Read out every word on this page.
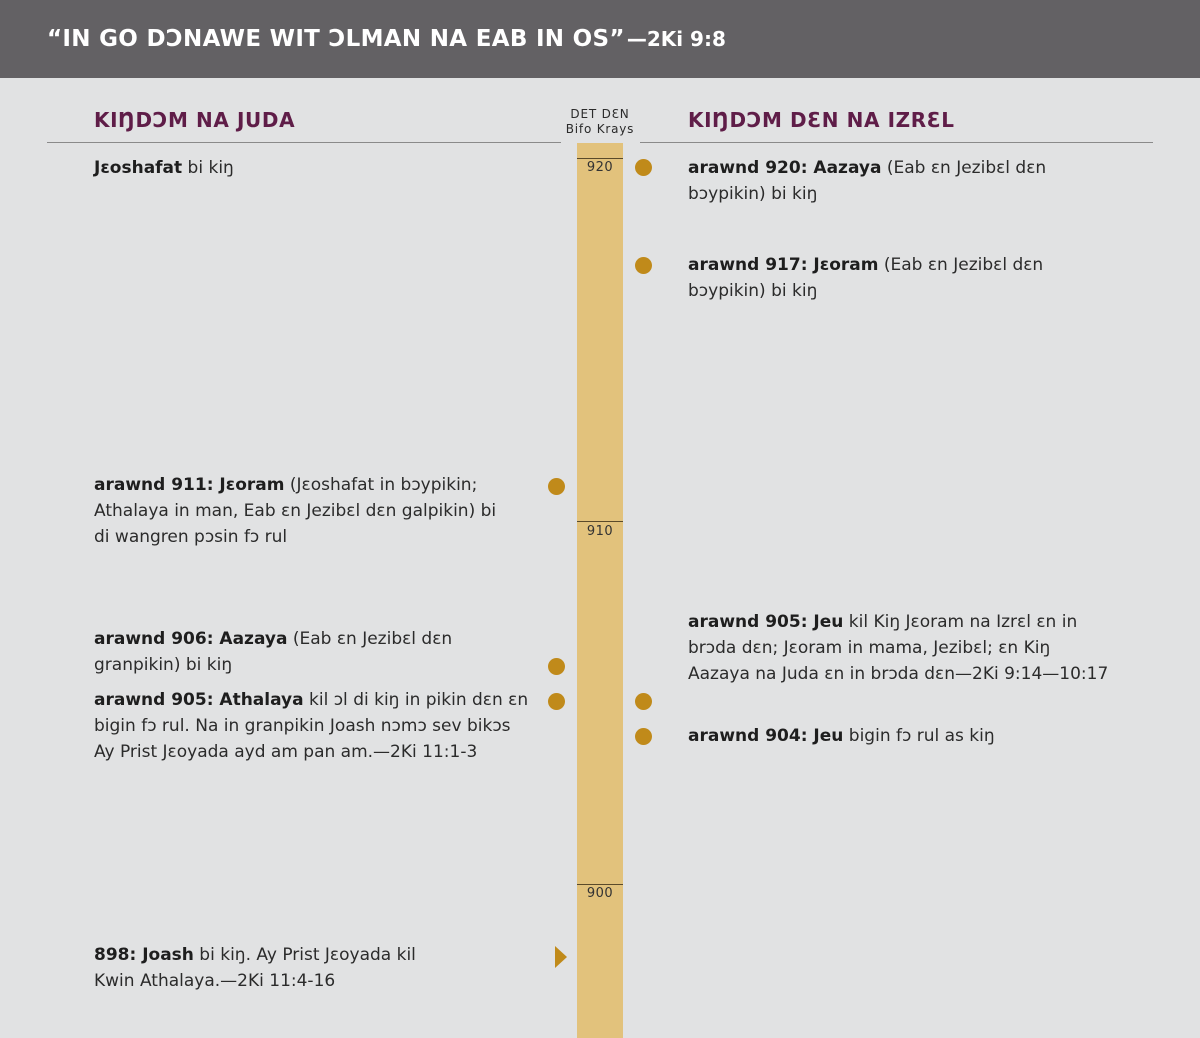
“IN GO DƆNAWE WIT ƆLMAN NA EAB IN OS” —2Ki 9:8
KIŊDƆM NA JUDA	DET DƐN
Bifo Krays	KIŊDƆM DƐN NA IZRƐL
920
910
900
Jɛoshafat bi kiŋ
arawnd 911: Jɛoram (Jɛoshafat in bɔypikin; Athalaya in man, Eab ɛn Jezibɛl dɛn galpikin) bi di wangren pɔsin fɔ rul
arawnd 906: Aazaya (Eab ɛn Jezibɛl dɛn granpikin) bi kiŋ
arawnd 905: Athalaya kil ɔl di kiŋ in pikin dɛn ɛn bigin fɔ rul. Na in granpikin Joash nɔmɔ sev bikɔs Ay Prist Jɛoyada ayd am pan am.—2Ki 11:1-3
898: Joash bi kiŋ. Ay Prist Jɛoyada kil Kwin Athalaya.—2Ki 11:4-16
arawnd 920: Aazaya (Eab ɛn Jezibɛl dɛn bɔypikin) bi kiŋ
arawnd 917: Jɛoram (Eab ɛn Jezibɛl dɛn bɔypikin) bi kiŋ
arawnd 905: Jeu kil Kiŋ Jɛoram na Izrɛl ɛn in brɔda dɛn; Jɛoram in mama, Jezibɛl; ɛn Kiŋ Aazaya na Juda ɛn in brɔda dɛn—2Ki 9:14—10:17
arawnd 904: Jeu bigin fɔ rul as kiŋ
